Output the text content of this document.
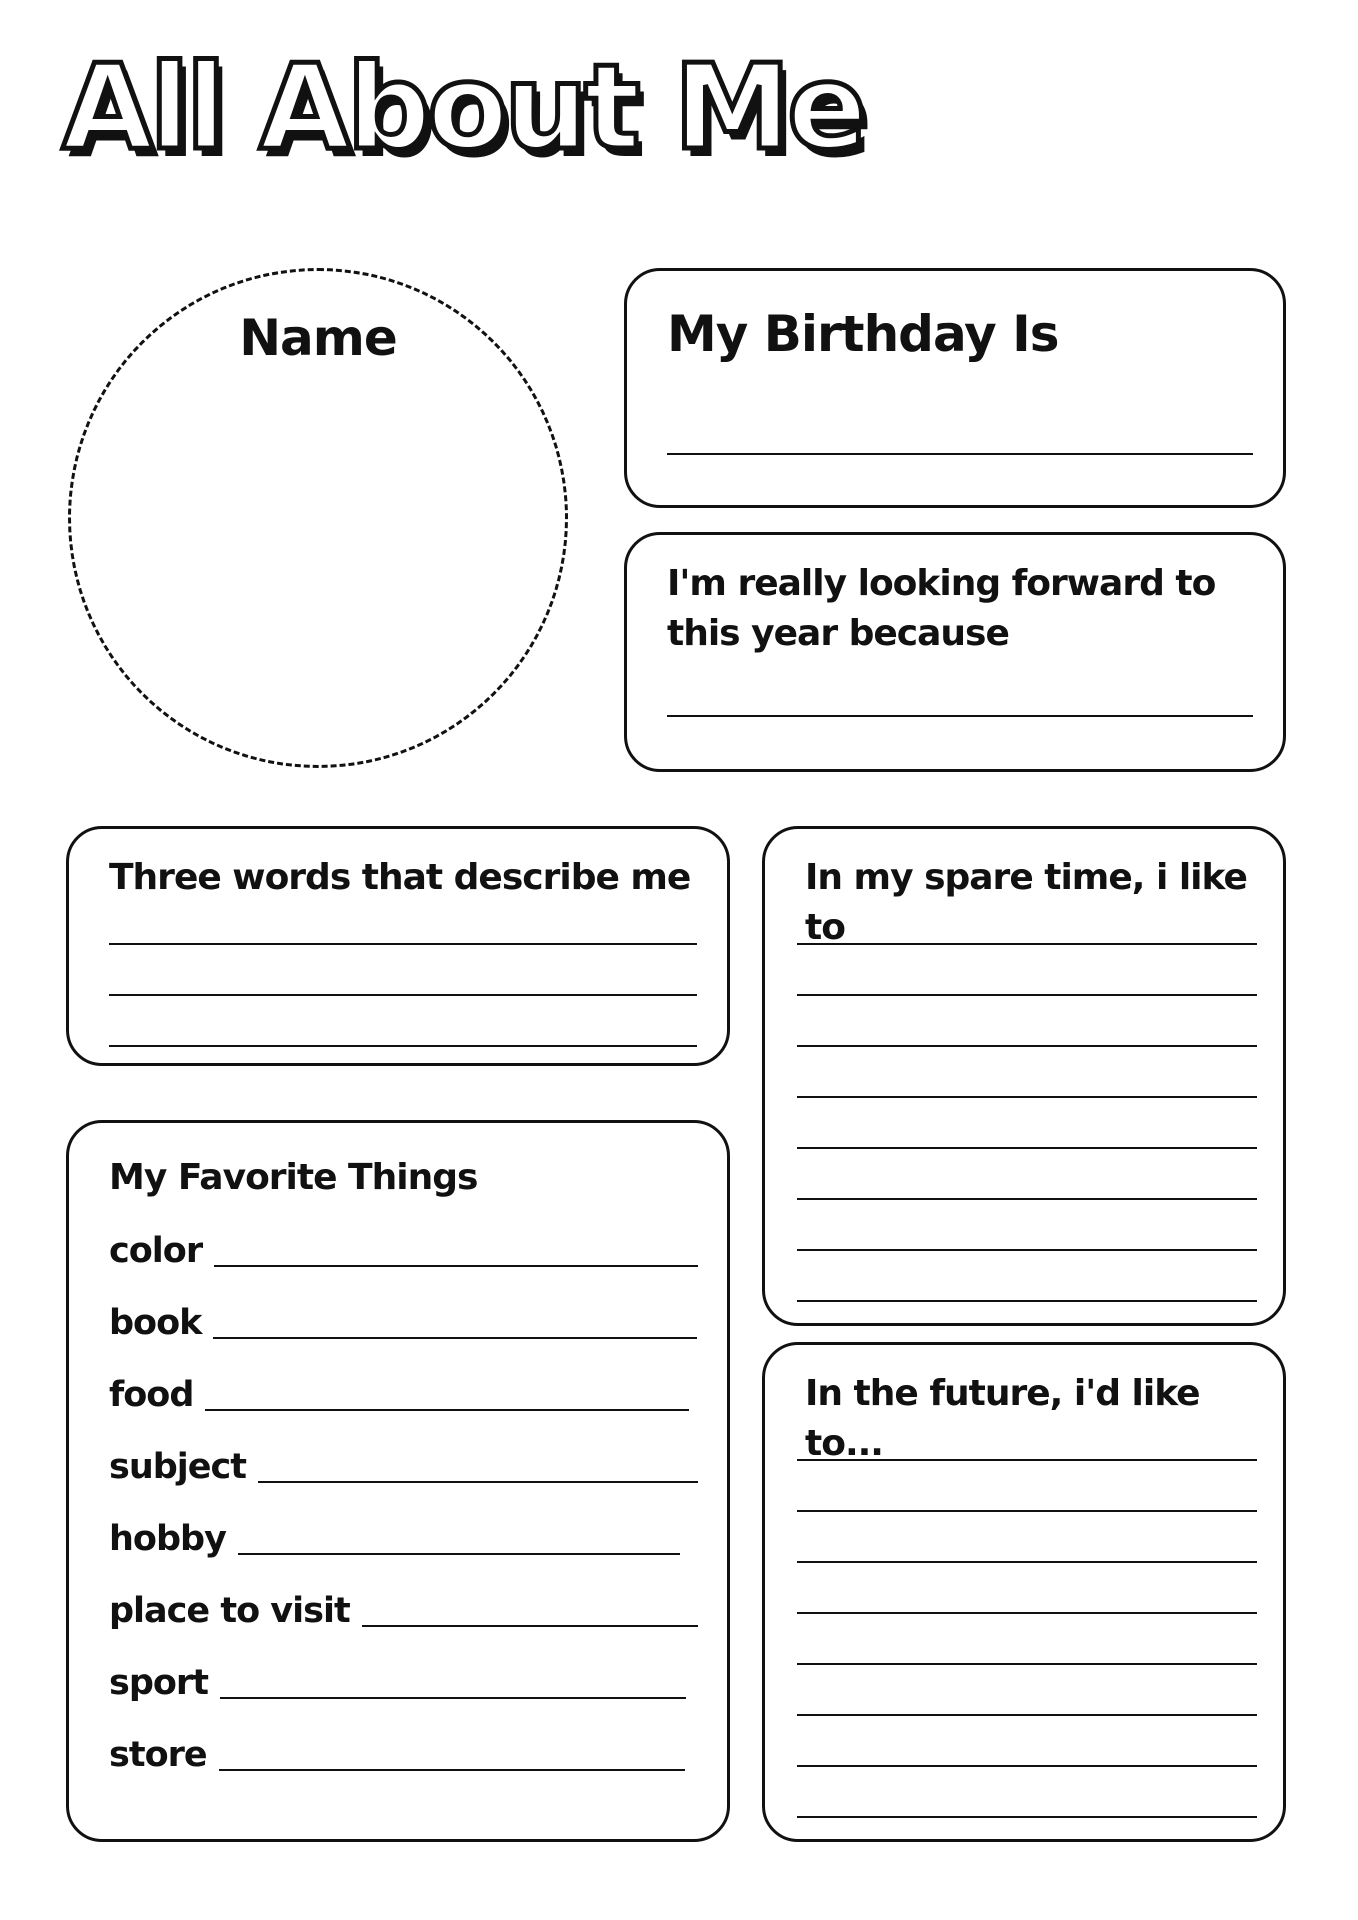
All About Me
Name	My Birthday Is
I'm really looking forward to this year because
Three words that describe me	In my spare time, i like to
My Favorite Things
color
book
food
subject
hobby
place to visit
sport
store
In the future, i'd like to...
